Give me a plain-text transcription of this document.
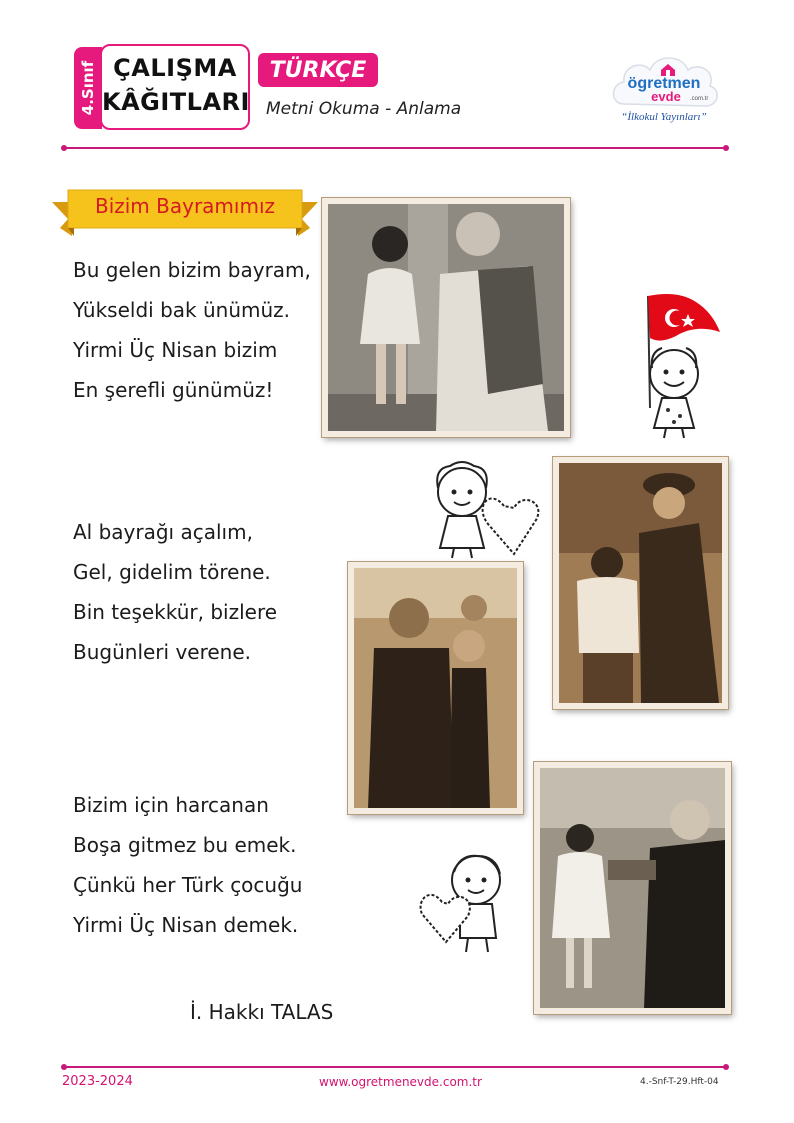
4.Sınıf ÇALIŞMA
KÂĞITLARI
TÜRKÇE
Metni Okuma - Anlama
ögretmen
evde .com.tr
“İlkokul Yayınları”
Bizim Bayramımız
Bu gelen bizim bayram,
Yükseldi bak ünümüz.
Yirmi Üç Nisan bizim
En şerefli günümüz!
Al bayrağı açalım,
Gel, gidelim törene.
Bin teşekkür, bizlere
Bugünleri verene.
Bizim için harcanan
Boşa gitmez bu emek.
Çünkü her Türk çocuğu
Yirmi Üç Nisan demek.
İ. Hakkı TALAS
2023-2024	www.ogretmenevde.com.tr	4.-Snf-T-29.Hft-04
